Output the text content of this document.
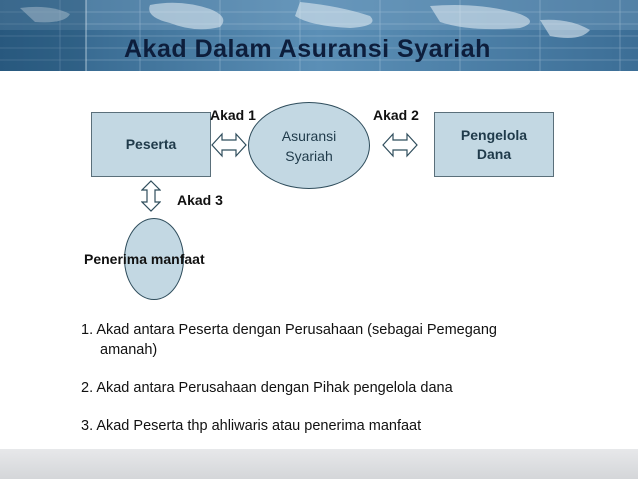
Akad Dalam Asuransi Syariah
Peserta
Asuransi
Syariah
Pengelola
Dana
Penerima manfaat
Akad 1	Akad 2
Akad 3
1. Akad antara Peserta dengan Perusahaan (sebagai Pemegang
amanah)
2. Akad antara Perusahaan dengan Pihak pengelola dana
3. Akad Peserta thp ahliwaris atau penerima manfaat
